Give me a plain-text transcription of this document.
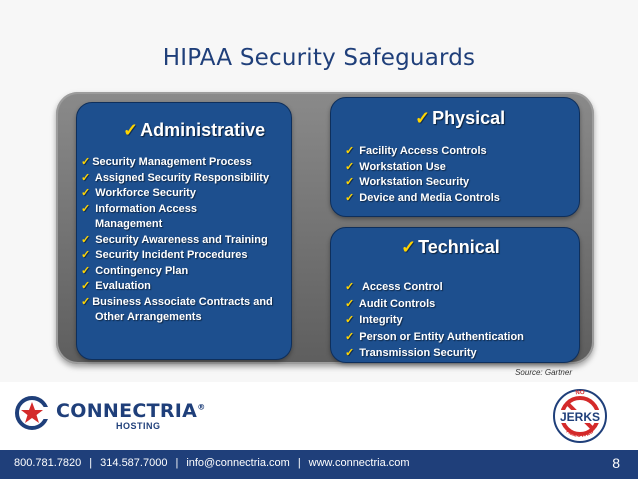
HIPAA Security Safeguards
✓ Administrative
✓ Security Management Process
✓ Assigned Security Responsibility
✓ Workforce Security
✓ Information Access
Management
✓ Security Awareness and Training
✓ Security Incident Procedures
✓ Contingency Plan
✓ Evaluation
✓ Business Associate Contracts and
Other Arrangements
✓ Physical
✓ Facility Access Controls
✓ Workstation Use
✓ Workstation Security
✓ Device and Media Controls
✓ Technical
✓ Access Control
✓ Audit Controls
✓ Integrity
✓ Person or Entity Authentication
✓ Transmission Security
Source: Gartner
CONNECTRIA®
HOSTING
NO
ALLOWED
JERKS
800.781.7820 | 314.587.7000 | info@connectria.com | www.connectria.com	8
